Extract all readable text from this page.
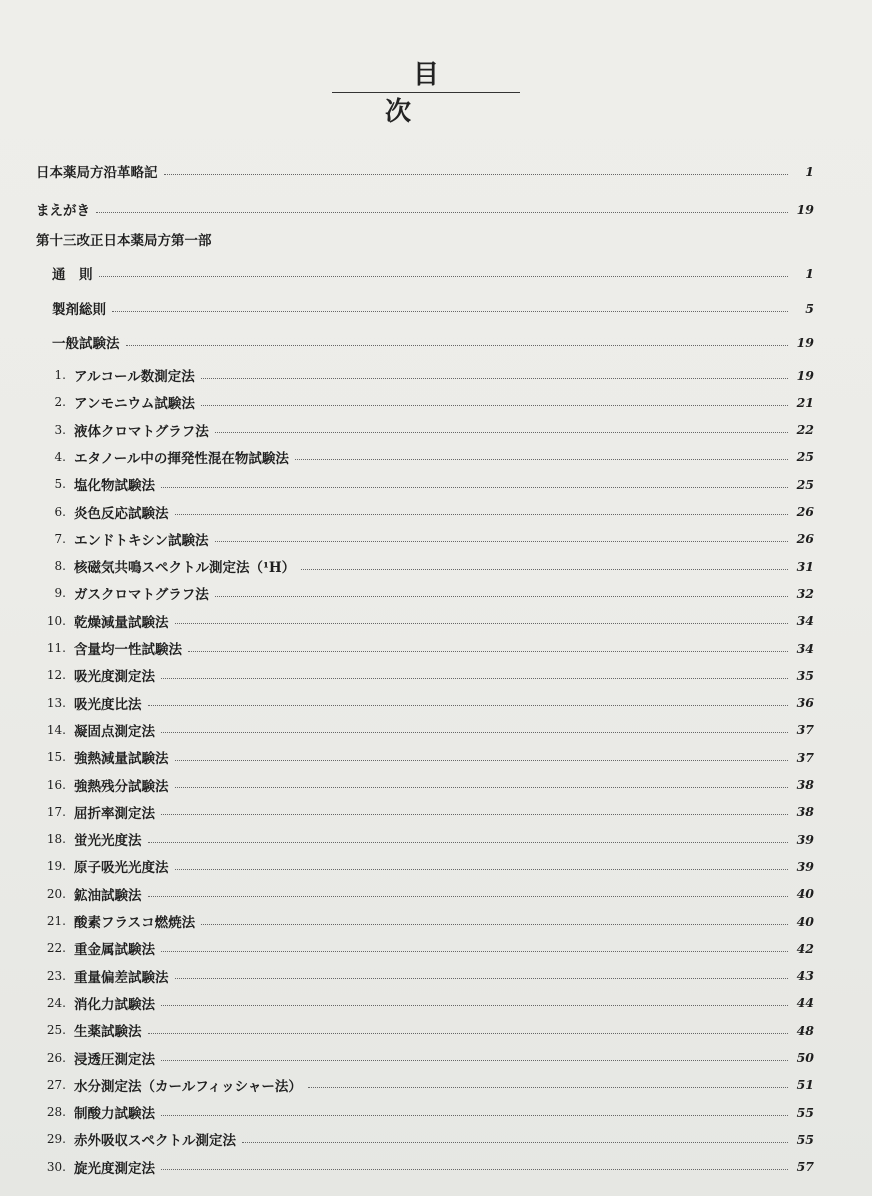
目　次
日本薬局方沿革略記	1
まえがき	19
第十三改正日本薬局方第一部
通　則	1
製剤総則	5
一般試験法	19
1. アルコール数測定法	19
2. アンモニウム試験法	21
3. 液体クロマトグラフ法	22
4. エタノール中の揮発性混在物試験法	25
5. 塩化物試験法	25
6. 炎色反応試験法	26
7. エンドトキシン試験法	26
8. 核磁気共鳴スペクトル測定法（¹H）	31
9. ガスクロマトグラフ法	32
10. 乾燥減量試験法	34
11. 含量均一性試験法	34
12. 吸光度測定法	35
13. 吸光度比法	36
14. 凝固点測定法	37
15. 強熱減量試験法	37
16. 強熱残分試験法	38
17. 屈折率測定法	38
18. 蛍光光度法	39
19. 原子吸光光度法	39
20. 鉱油試験法	40
21. 酸素フラスコ燃焼法	40
22. 重金属試験法	42
23. 重量偏差試験法	43
24. 消化力試験法	44
25. 生薬試験法	48
26. 浸透圧測定法	50
27. 水分測定法（カールフィッシャー法）	51
28. 制酸力試験法	55
29. 赤外吸収スペクトル測定法	55
30. 旋光度測定法	57
